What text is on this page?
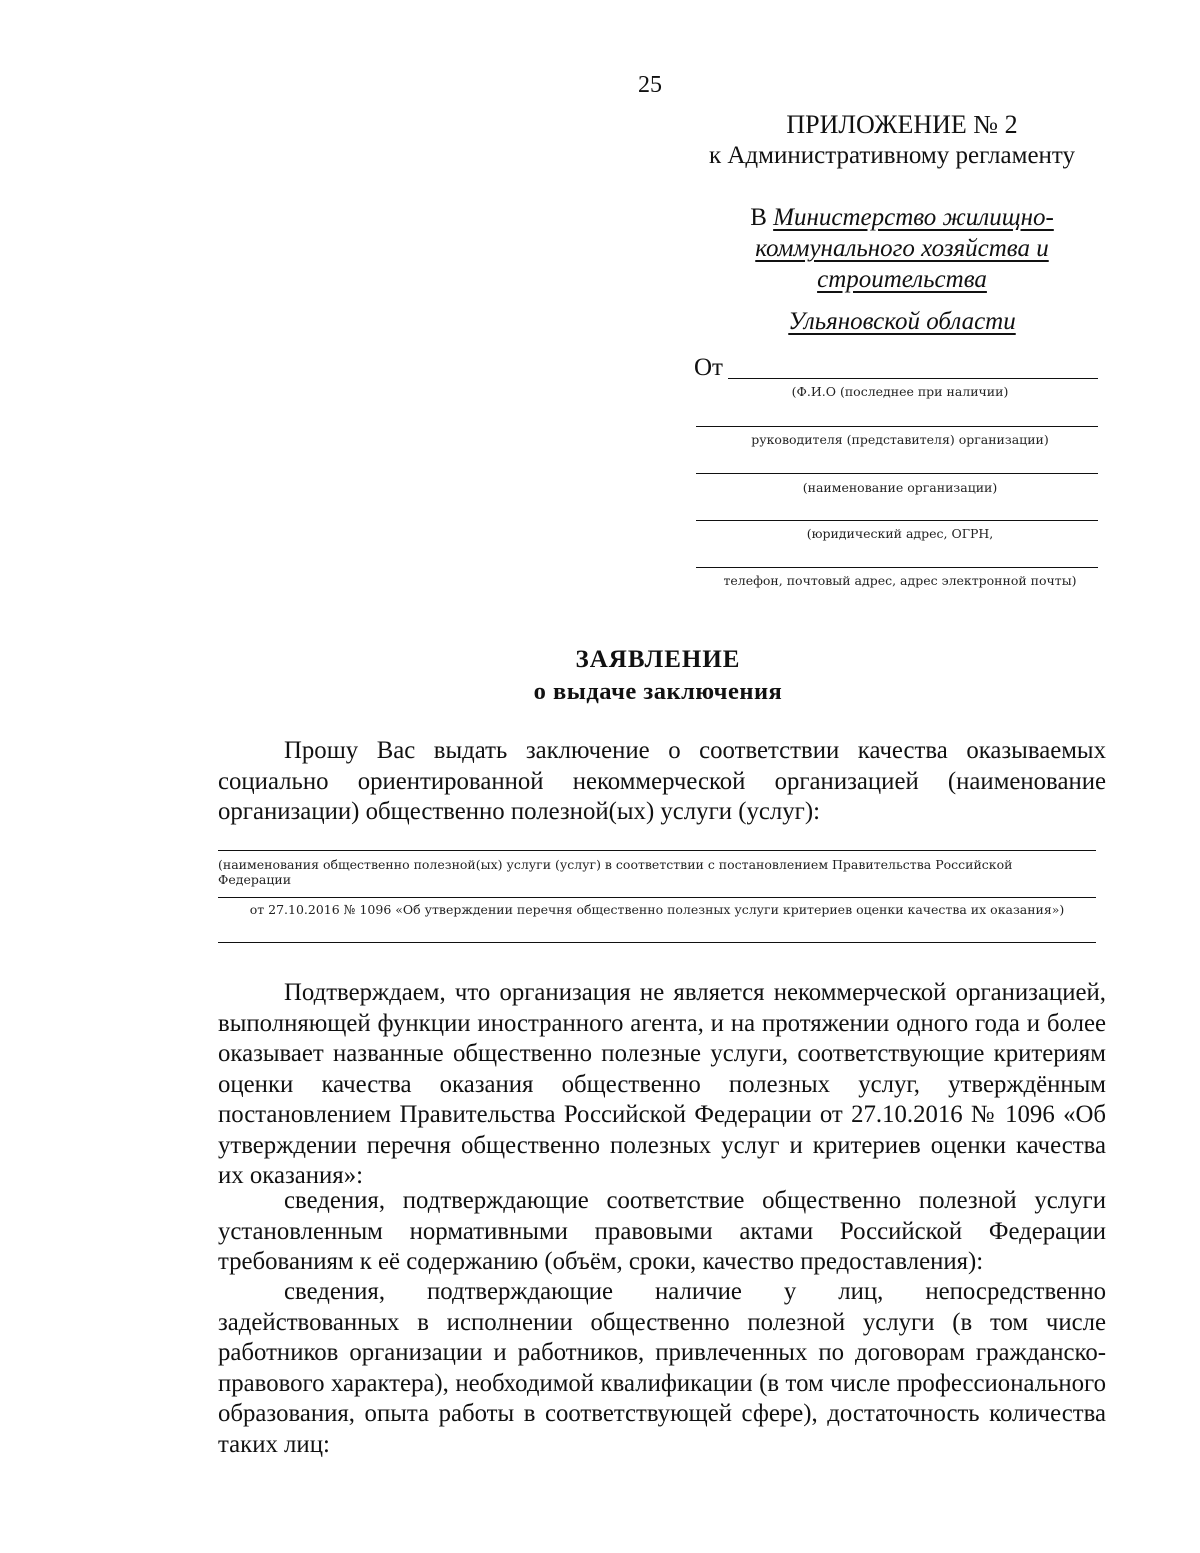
25
ПРИЛОЖЕНИЕ № 2
к Административному регламенту
В Министерство жилищно-
коммунального хозяйства и
строительства
Ульяновской области
От
(Ф.И.О (последнее при наличии)
руководителя (представителя) организации)
(наименование организации)
(юридический адрес, ОГРН,
телефон, почтовый адрес, адрес электронной почты)
ЗАЯВЛЕНИЕ
о выдаче заключения

Прошу Вас выдать заключение о соответствии качества оказываемых социально ориентированной некоммерческой организацией (наименование организации) общественно полезной(ых) услуги (услуг):

(наименования общественно полезной(ых) услуги (услуг) в соответствии с постановлением Правительства Российской Федерации
от 27.10.2016 № 1096 «Об утверждении перечня общественно полезных услуги критериев оценки качества их оказания»)

Подтверждаем, что организация не является некоммерческой организацией, выполняющей функции иностранного агента, и на протяжении одного года и более оказывает названные общественно полезные услуги, соответствующие критериям оценки качества оказания общественно полезных услуг, утверждённым постановлением Правительства Российской Федерации от 27.10.2016 № 1096 «Об утверждении перечня общественно полезных услуг и критериев оценки качества их оказания»:

сведения, подтверждающие соответствие общественно полезной услуги установленным нормативными правовыми актами Российской Федерации требованиям к её содержанию (объём, сроки, качество предоставления):

сведения, подтверждающие наличие у лиц, непосредственно задействованных в исполнении общественно полезной услуги (в том числе работников организации и работников, привлеченных по договорам гражданско-правового характера), необходимой квалификации (в том числе профессионального образования, опыта работы в соответствующей сфере), достаточность количества таких лиц:
